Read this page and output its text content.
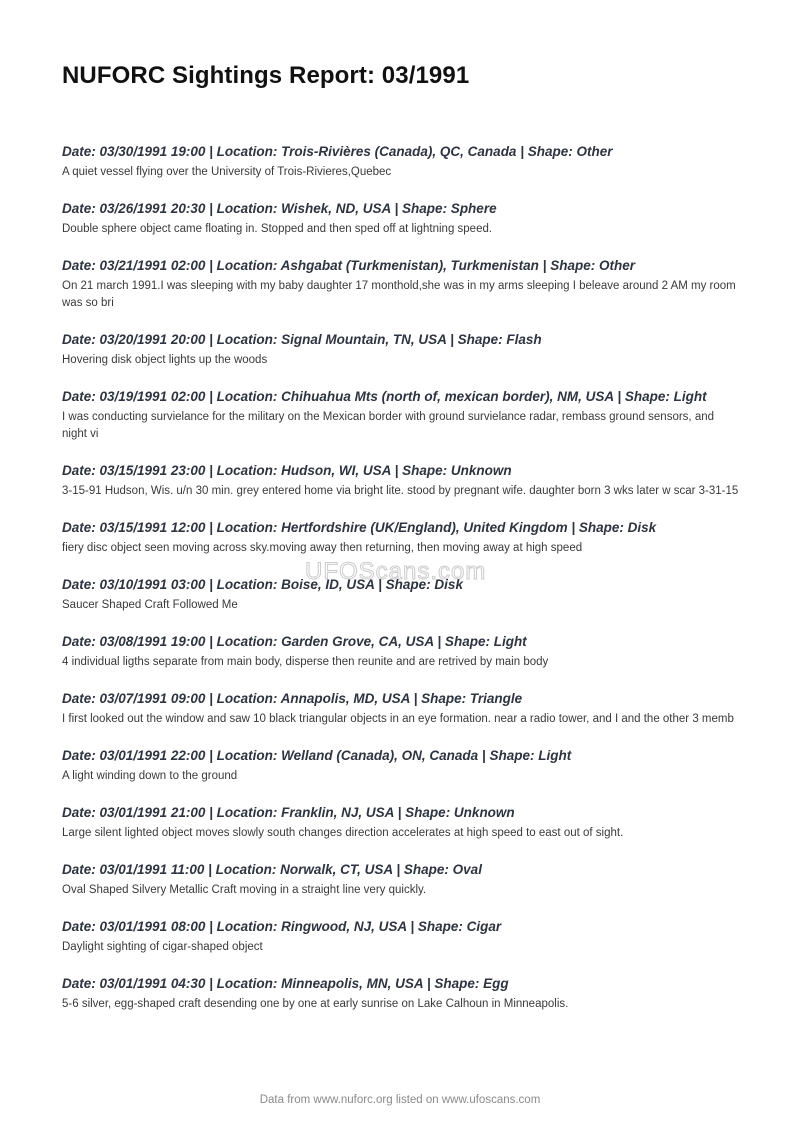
NUFORC Sightings Report: 03/1991
Date: 03/30/1991 19:00 | Location: Trois-Rivières (Canada), QC, Canada | Shape: Other
A quiet vessel flying over the University of Trois-Rivieres,Quebec
Date: 03/26/1991 20:30 | Location: Wishek, ND, USA | Shape: Sphere
Double sphere object came floating in. Stopped and then sped off at lightning speed.
Date: 03/21/1991 02:00 | Location: Ashgabat (Turkmenistan), Turkmenistan | Shape: Other
On 21 march 1991.I was sleeping with my baby daughter 17 monthold,she was in my arms sleeping I beleave around 2 AM my room was so bri
Date: 03/20/1991 20:00 | Location: Signal Mountain, TN, USA | Shape: Flash
Hovering disk object lights up the woods
Date: 03/19/1991 02:00 | Location: Chihuahua Mts (north of, mexican border), NM, USA | Shape: Light
I was conducting survielance for the military on the Mexican border with ground survielance radar, rembass ground sensors, and night vi
Date: 03/15/1991 23:00 | Location: Hudson, WI, USA | Shape: Unknown
3-15-91 Hudson, Wis. u/n 30 min. grey entered home via bright lite. stood by pregnant wife. daughter born 3 wks later w scar 3-31-15
Date: 03/15/1991 12:00 | Location: Hertfordshire (UK/England), United Kingdom | Shape: Disk
fiery disc object seen moving across sky.moving away then returning, then moving away at high speed
Date: 03/10/1991 03:00 | Location: Boise, ID, USA | Shape: Disk
Saucer Shaped Craft Followed Me
Date: 03/08/1991 19:00 | Location: Garden Grove, CA, USA | Shape: Light
4 individual ligths separate from main body, disperse then reunite and are retrived by main body
Date: 03/07/1991 09:00 | Location: Annapolis, MD, USA | Shape: Triangle
I first looked out the window and saw 10 black triangular objects in an eye formation. near a radio tower, and I and the other 3 memb
Date: 03/01/1991 22:00 | Location: Welland (Canada), ON, Canada | Shape: Light
A light winding down to the ground
Date: 03/01/1991 21:00 | Location: Franklin, NJ, USA | Shape: Unknown
Large silent lighted object moves slowly south changes direction accelerates at high speed to east out of sight.
Date: 03/01/1991 11:00 | Location: Norwalk, CT, USA | Shape: Oval
Oval Shaped Silvery Metallic Craft moving in a straight line very quickly.
Date: 03/01/1991 08:00 | Location: Ringwood, NJ, USA | Shape: Cigar
Daylight sighting of cigar-shaped object
Date: 03/01/1991 04:30 | Location: Minneapolis, MN, USA | Shape: Egg
5-6 silver, egg-shaped craft desending one by one at early sunrise on Lake Calhoun in Minneapolis.
UFOScans.com
Data from www.nuforc.org listed on www.ufoscans.com
